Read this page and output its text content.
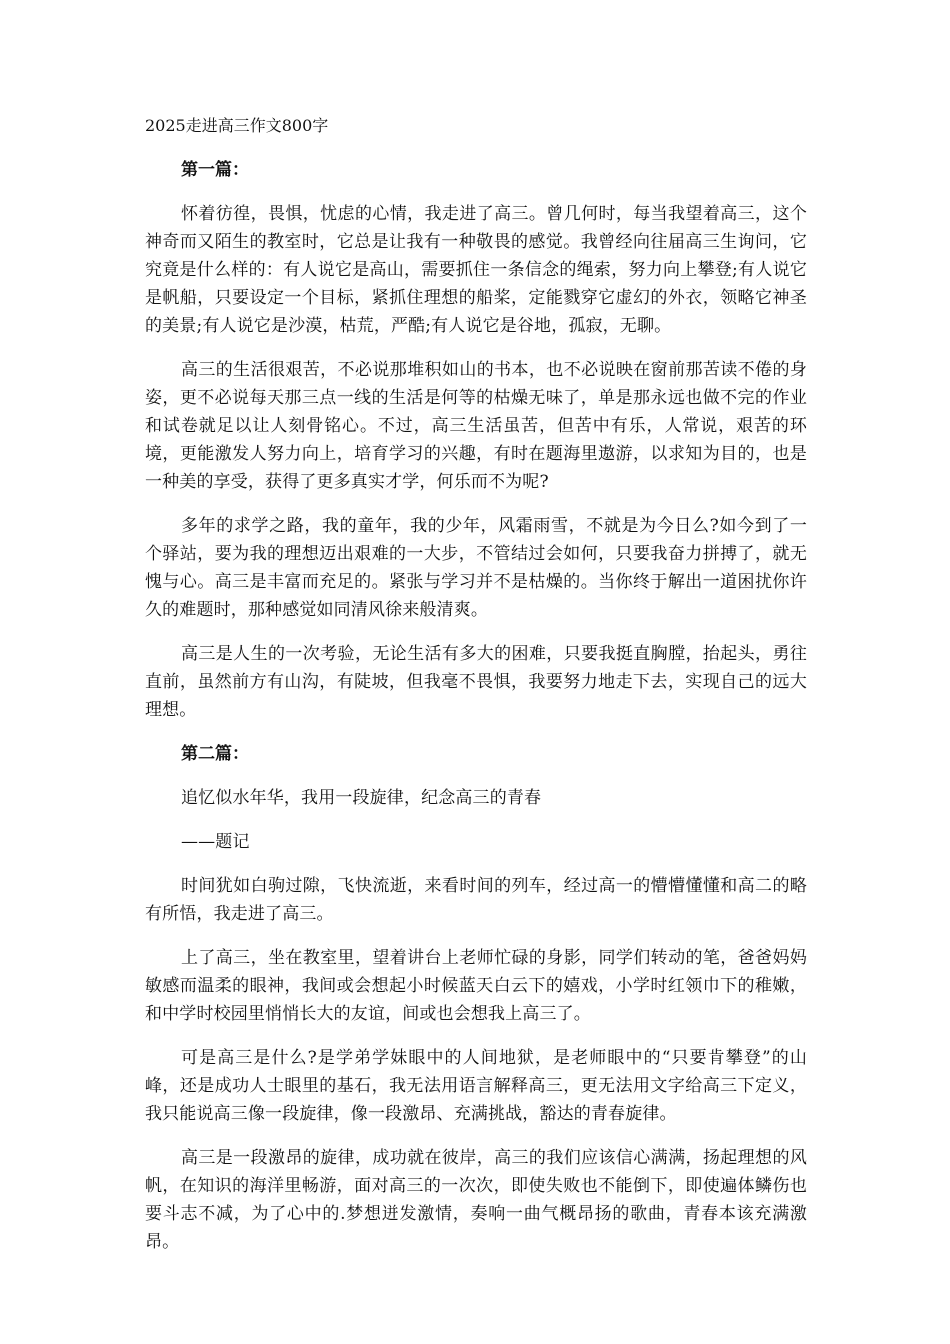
2025走进高三作文800字
第一篇：

怀着彷徨，畏惧，忧虑的心情，我走进了高三。曾几何时，每当我望着高三，这个神奇而又陌生的教室时，它总是让我有一种敬畏的感觉。我曾经向往届高三生询问，它究竟是什么样的：有人说它是高山，需要抓住一条信念的绳索，努力向上攀登;有人说它是帆船，只要设定一个目标，紧抓住理想的船桨，定能戮穿它虚幻的外衣，领略它神圣的美景;有人说它是沙漠，枯荒，严酷;有人说它是谷地，孤寂，无聊。

高三的生活很艰苦，不必说那堆积如山的书本，也不必说映在窗前那苦读不倦的身姿，更不必说每天那三点一线的生活是何等的枯燥无味了，单是那永远也做不完的作业和试卷就足以让人刻骨铭心。不过，高三生活虽苦，但苦中有乐，人常说，艰苦的环境，更能激发人努力向上，培育学习的兴趣，有时在题海里遨游，以求知为目的，也是一种美的享受，获得了更多真实才学，何乐而不为呢?

多年的求学之路，我的童年，我的少年，风霜雨雪，不就是为今日么?如今到了一个驿站，要为我的理想迈出艰难的一大步，不管结过会如何，只要我奋力拼搏了，就无愧与心。高三是丰富而充足的。紧张与学习并不是枯燥的。当你终于解出一道困扰你许久的难题时，那种感觉如同清风徐来般清爽。

高三是人生的一次考验，无论生活有多大的困难，只要我挺直胸膛，抬起头，勇往直前，虽然前方有山沟，有陡坡，但我毫不畏惧，我要努力地走下去，实现自己的远大理想。

第二篇：

追忆似水年华，我用一段旋律，纪念高三的青春

——题记

时间犹如白驹过隙，飞快流逝，来看时间的列车，经过高一的懵懵懂懂和高二的略有所悟，我走进了高三。

上了高三，坐在教室里，望着讲台上老师忙碌的身影，同学们转动的笔，爸爸妈妈敏感而温柔的眼神，我间或会想起小时候蓝天白云下的嬉戏，小学时红领巾下的稚嫩，和中学时校园里悄悄长大的友谊，间或也会想我上高三了。

可是高三是什么?是学弟学妹眼中的人间地狱，是老师眼中的“只要肯攀登”的山峰，还是成功人士眼里的基石，我无法用语言解释高三，更无法用文字给高三下定义，我只能说高三像一段旋律，像一段激昂、充满挑战，豁达的青春旋律。

高三是一段激昂的旋律，成功就在彼岸，高三的我们应该信心满满，扬起理想的风帆，在知识的海洋里畅游，面对高三的一次次，即使失败也不能倒下，即使遍体鳞伤也要斗志不减，为了心中的.梦想迸发激情，奏响一曲气概昂扬的歌曲，青春本该充满激昂。
